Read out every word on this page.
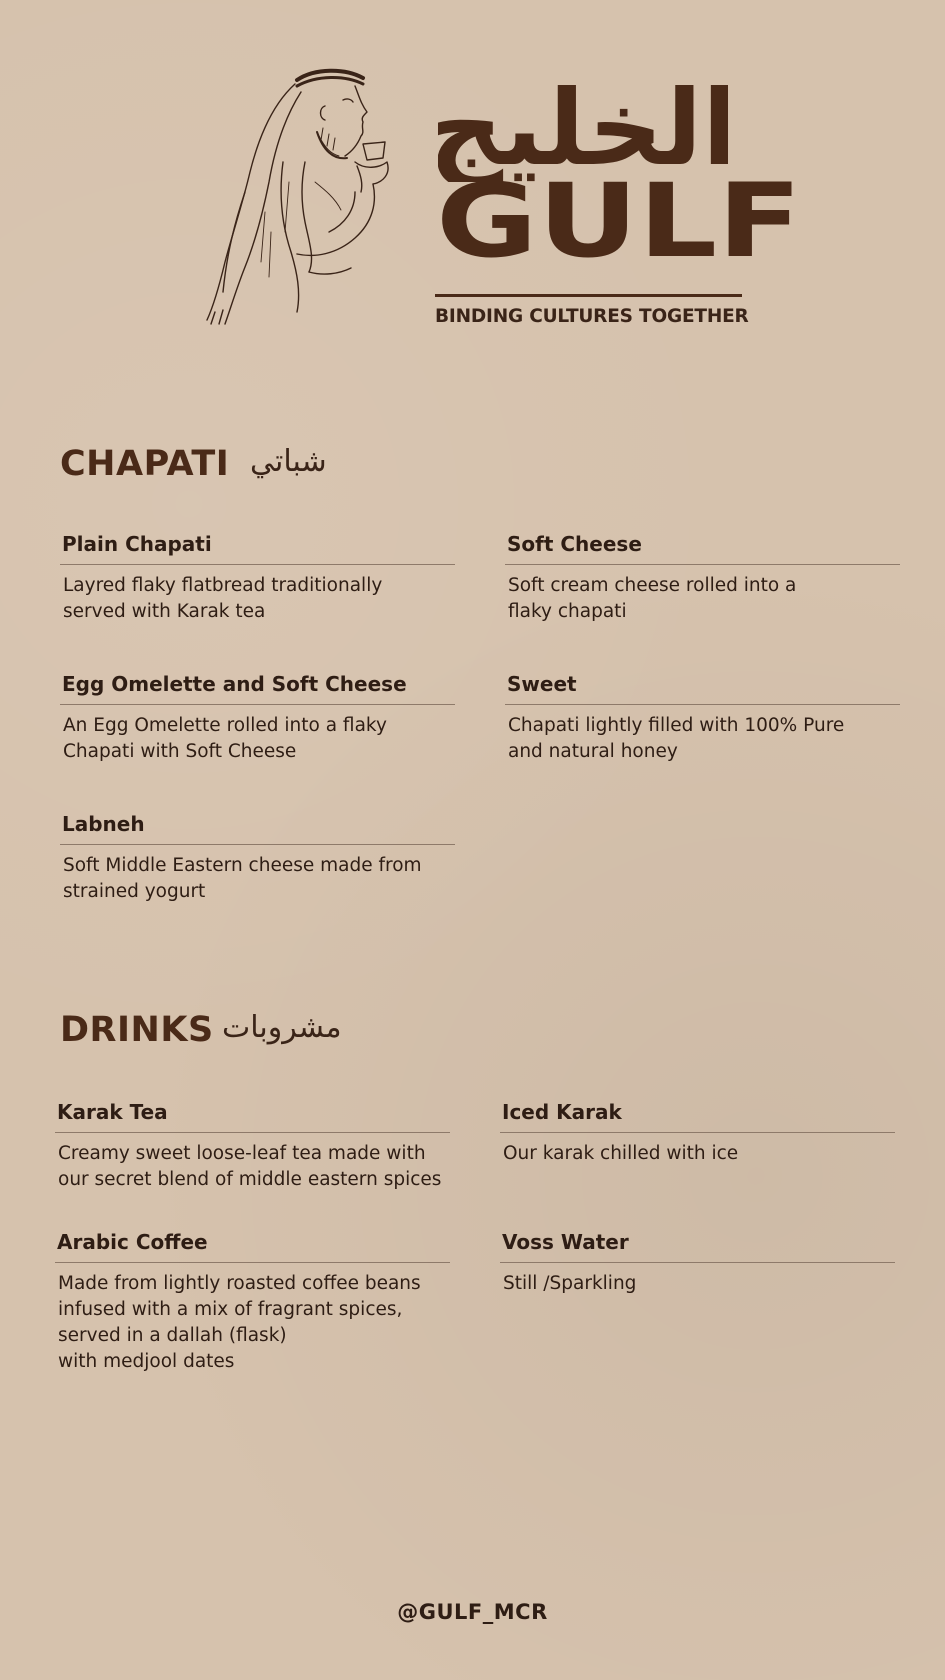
الخليج
GULF
BINDING CULTURES TOGETHER
CHAPATI شباتي
Plain Chapati
Layred flaky flatbread traditionally
served with Karak tea
Soft Cheese
Soft cream cheese rolled into a
flaky chapati
Egg Omelette and Soft Cheese
An Egg Omelette rolled into a flaky
Chapati with Soft Cheese
Sweet
Chapati lightly filled with 100% Pure
and natural honey
Labneh
Soft Middle Eastern cheese made from
strained yogurt
DRINKS مشروبات
Karak Tea
Creamy sweet loose-leaf tea made with
our secret blend of middle eastern spices
Iced Karak
Our karak chilled with ice
Arabic Coffee
Made from lightly roasted coffee beans
infused with a mix of fragrant spices,
served in a dallah (flask)
with medjool dates
Voss Water
Still /Sparkling
@GULF_MCR
